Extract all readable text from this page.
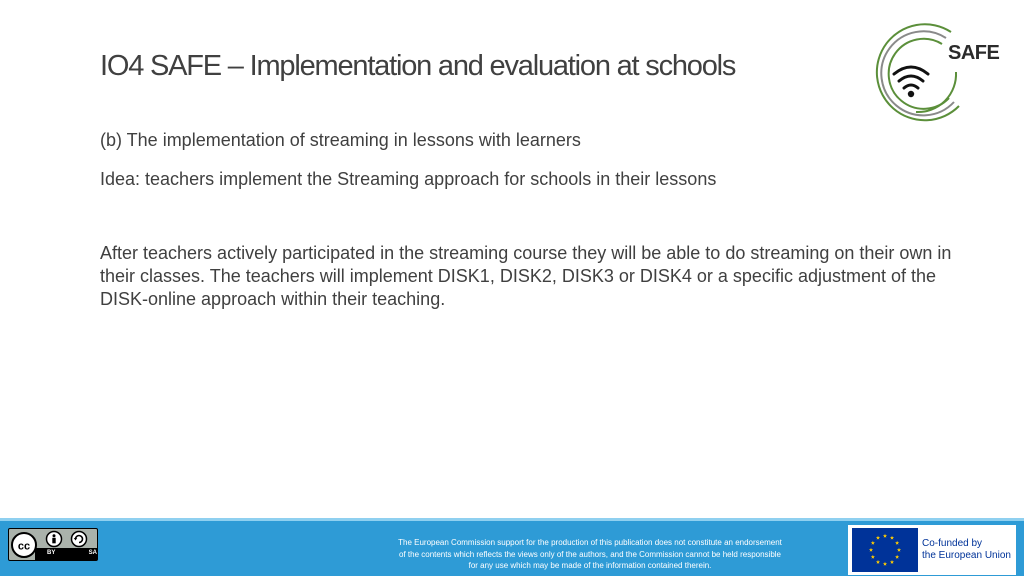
IO4 SAFE – Implementation and evaluation at schools
(b) The implementation of streaming in lessons with learners
Idea: teachers implement the Streaming approach for schools in their lessons
After teachers actively participated in the streaming course they will be able to do streaming on their own in their classes. The teachers will implement DISK1, DISK2, DISK3 or DISK4 or a specific adjustment of the DISK-online approach within their teaching.
SAFE
cc
BY	SA
The European Commission support for the production of this publication does not constitute an endorsement
of the contents which reflects the views only of the authors, and the Commission cannot be held responsible
for any use which may be made of the information contained therein.
Co-funded by
the European Union
